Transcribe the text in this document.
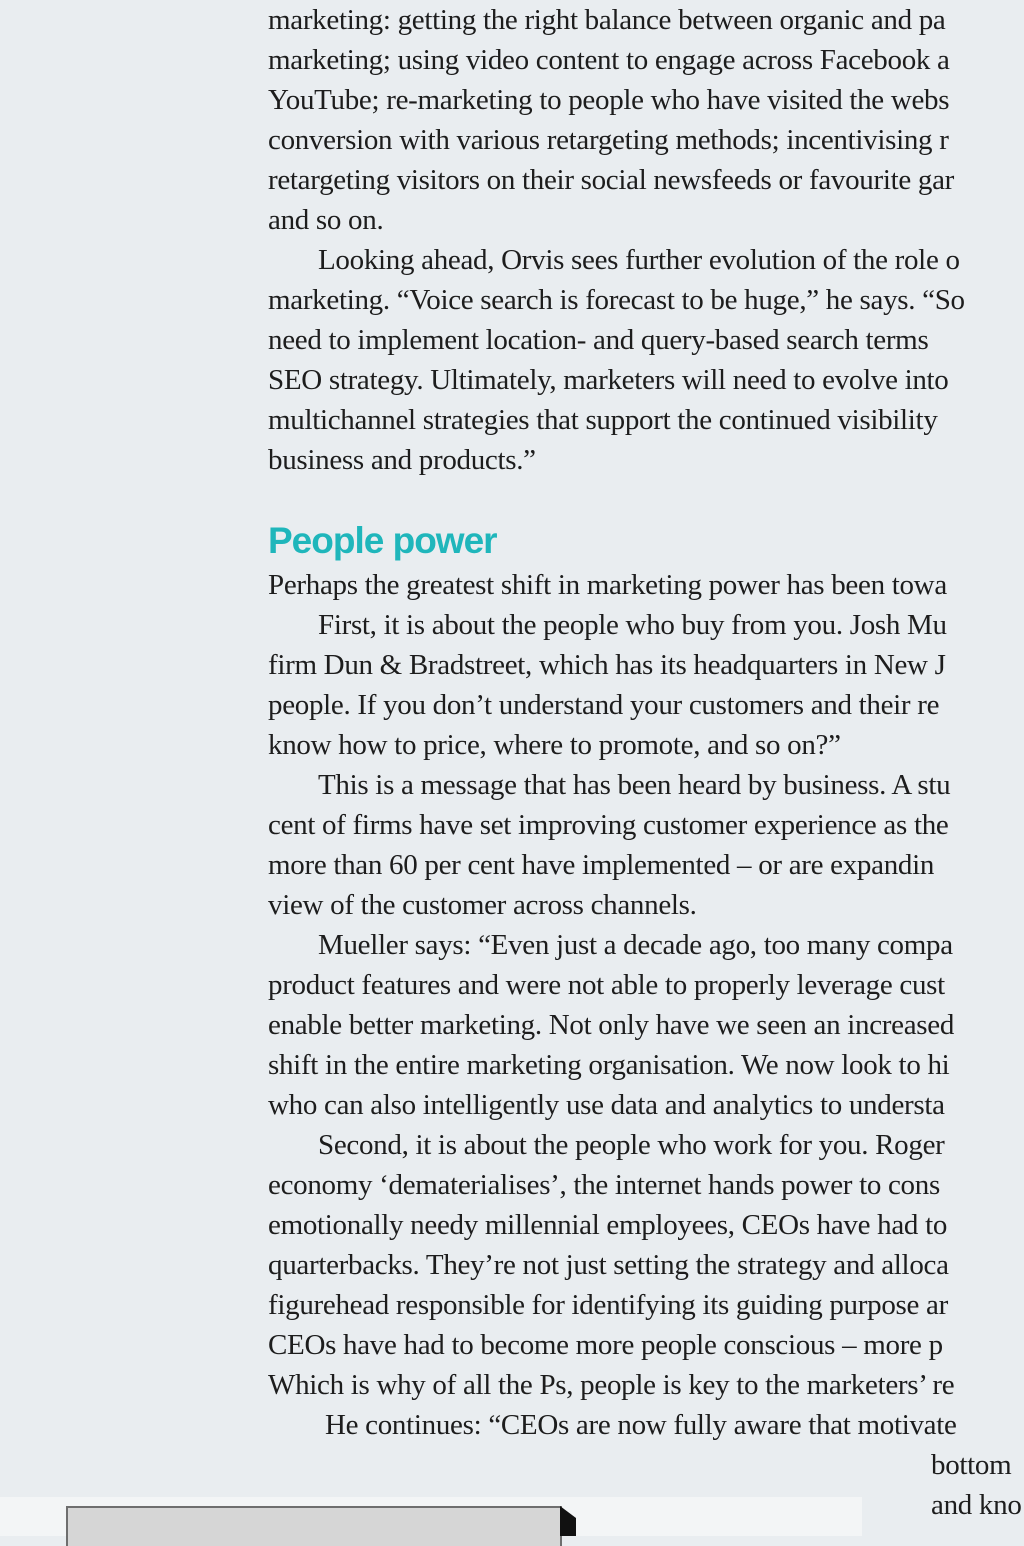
marketing: getting the right balance between organic and pa
marketing; using video content to engage across Facebook a
YouTube; re-marketing to people who have visited the webs
conversion with various retargeting methods; incentivising r
retargeting visitors on their social newsfeeds or favourite gar
and so on.
Looking ahead, Orvis sees further evolution of the role o
marketing. “Voice search is forecast to be huge,” he says. “So
need to implement location- and query-based search terms
SEO strategy. Ultimately, marketers will need to evolve into
multichannel strategies that support the continued visibility
business and products.”
People power
Perhaps the greatest shift in marketing power has been towa
First, it is about the people who buy from you. Josh Mu
firm Dun & Bradstreet, which has its headquarters in New J
people. If you don’t understand your customers and their re
know how to price, where to promote, and so on?”
This is a message that has been heard by business. A stu
cent of firms have set improving customer experience as the
more than 60 per cent have implemented – or are expandin
view of the customer across channels.
Mueller says: “Even just a decade ago, too many compa
product features and were not able to properly leverage cust
enable better marketing. Not only have we seen an increased
shift in the entire marketing organisation. We now look to hi
who can also intelligently use data and analytics to understa
Second, it is about the people who work for you. Roger
economy ‘dematerialises’, the internet hands power to cons
emotionally needy millennial employees, CEOs have had to
quarterbacks. They’re not just setting the strategy and alloca
figurehead responsible for identifying its guiding purpose ar
CEOs have had to become more people conscious – more p
Which is why of all the Ps, people is key to the marketers’ re
He continues: “CEOs are now fully aware that motivate
bottom
and kno
